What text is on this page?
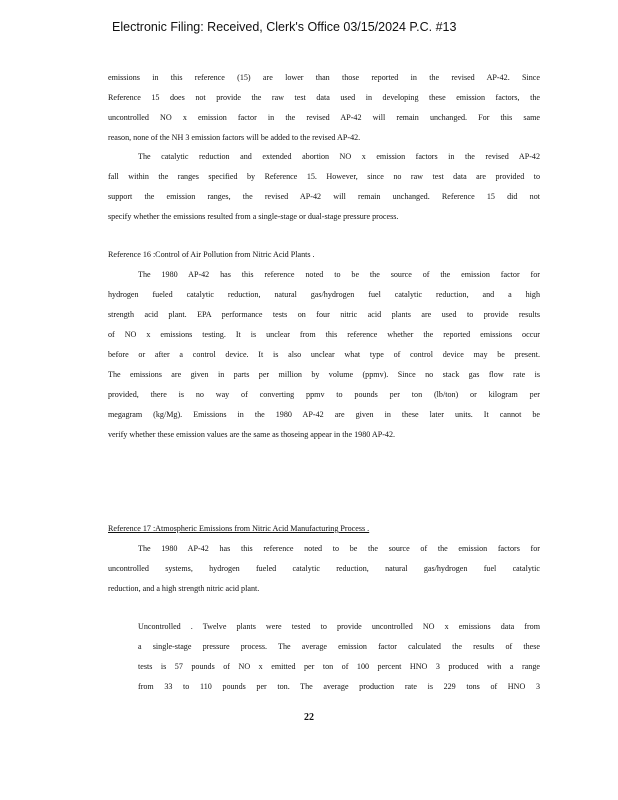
Electronic Filing: Received, Clerk's Office 03/15/2024 P.C. #13
emissions in this reference (15) are lower than those reported in the revised AP-42. Since
Reference 15 does not provide the raw test data used in developing these emission factors, the
uncontrolled NO x emission factor in the revised AP-42 will remain unchanged. For this same
reason, none of the NH 3 emission factors will be added to the revised AP-42.
The catalytic reduction and extended abortion NO x emission factors in the revised AP-42
fall within the ranges specified by Reference 15. However, since no raw test data are provided to
support the emission ranges, the revised AP-42 will remain unchanged. Reference 15 did not
specify whether the emissions resulted from a single-stage or dual-stage pressure process.
Reference 16 :Control of Air Pollution from Nitric Acid Plants .
The 1980 AP-42 has this reference noted to be the source of the emission factor for
hydrogen fueled catalytic reduction, natural gas/hydrogen fuel catalytic reduction, and a high
strength acid plant. EPA performance tests on four nitric acid plants are used to provide results
of NO x emissions testing. It is unclear from this reference whether the reported emissions occur
before or after a control device. It is also unclear what type of control device may be present.
The emissions are given in parts per million by volume (ppmv). Since no stack gas flow rate is
provided, there is no way of converting ppmv to pounds per ton (lb/ton) or kilogram per
megagram (kg/Mg). Emissions in the 1980 AP-42 are given in these later units. It cannot be
verify whether these emission values are the same as thoseing appear in the 1980 AP-42.
Reference 17 :Atmospheric Emissions from Nitric Acid Manufacturing Process .
The 1980 AP-42 has this reference noted to be the source of the emission factors for
uncontrolled systems, hydrogen fueled catalytic reduction, natural gas/hydrogen fuel catalytic
reduction, and a high strength nitric acid plant.
Uncontrolled . Twelve plants were tested to provide uncontrolled NO x emissions data from
a single-stage pressure process. The average emission factor calculated the results of these
tests is 57 pounds of NO x emitted per ton of 100 percent HNO 3 produced with a range
from 33 to 110 pounds per ton. The average production rate is 229 tons of HNO 3
22
